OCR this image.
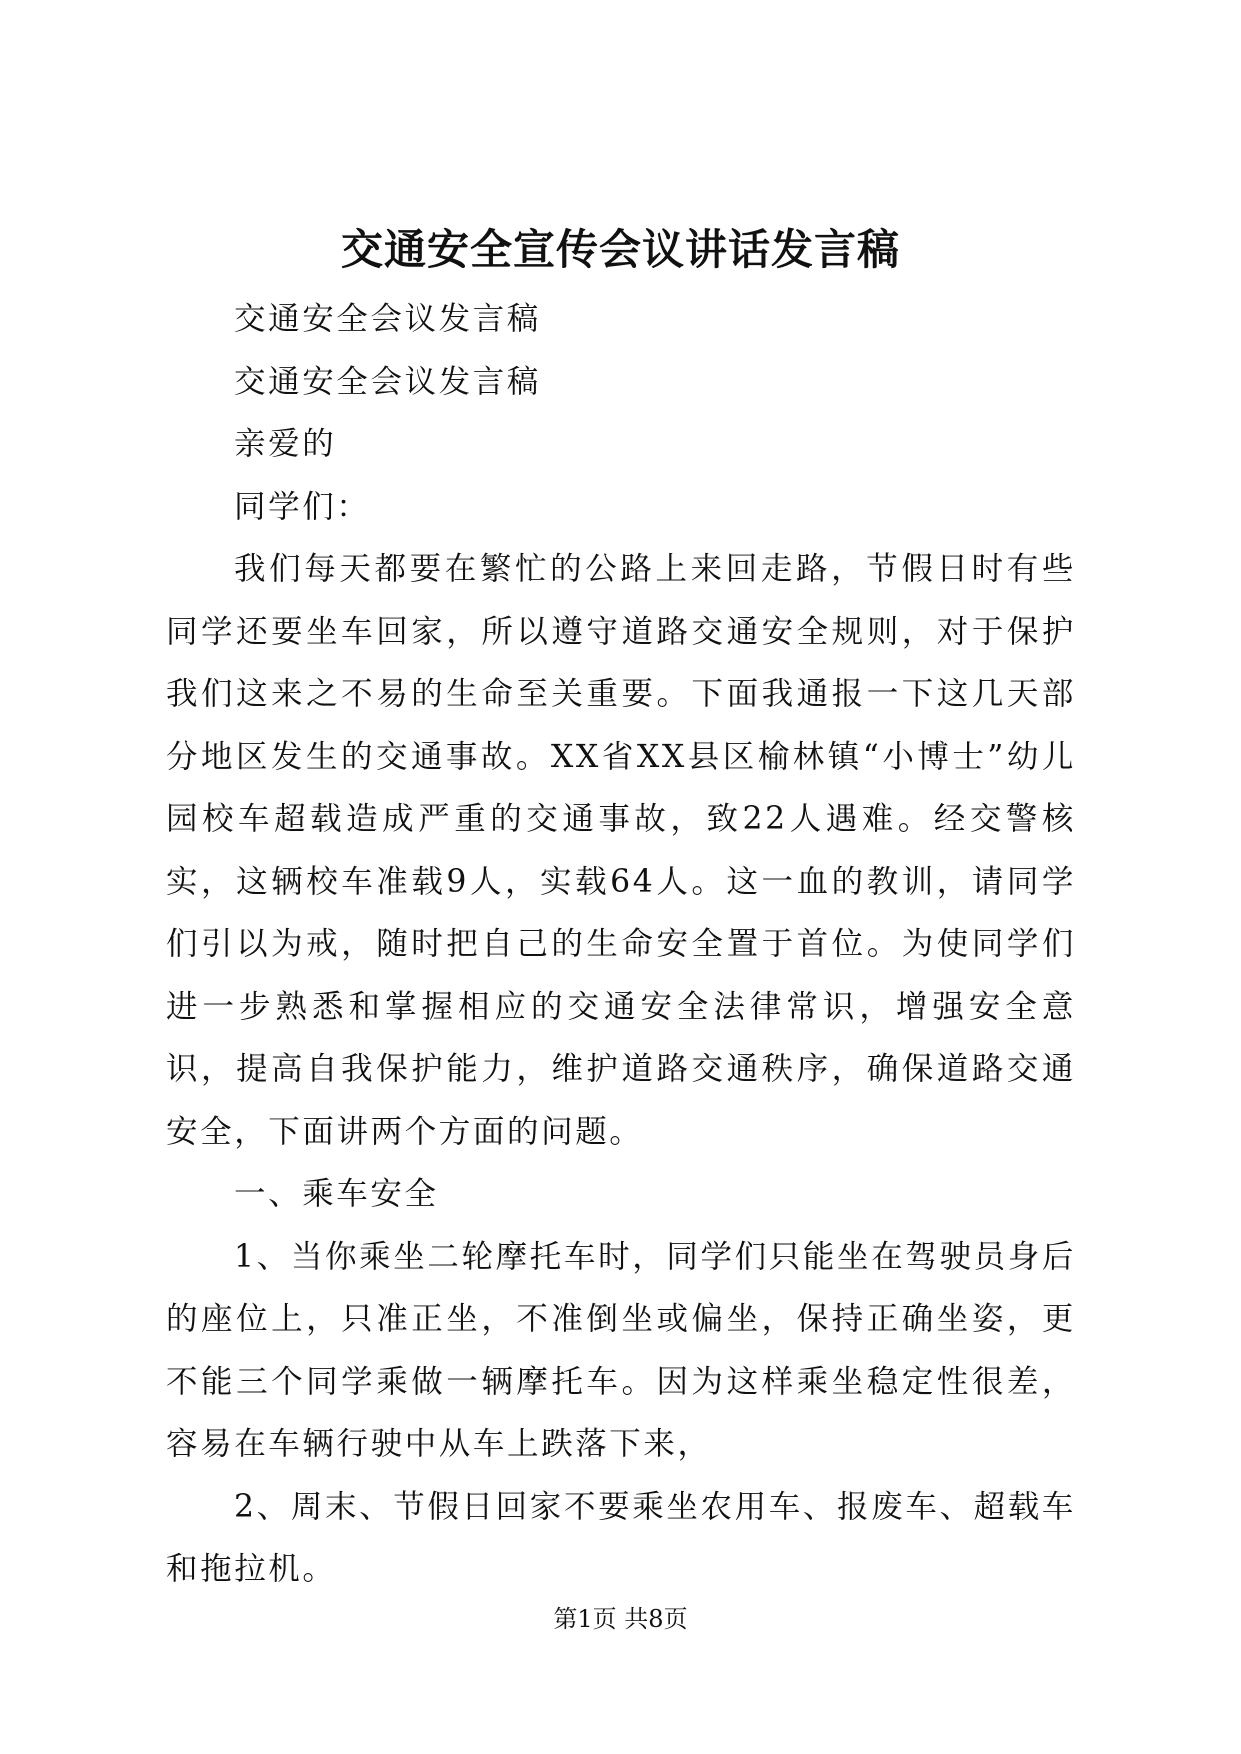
交通安全宣传会议讲话发言稿

交通安全会议发言稿

交通安全会议发言稿

亲爱的

同学们：

我们每天都要在繁忙的公路上来回走路，节假日时有些同学还要坐车回家，所以遵守道路交通安全规则，对于保护我们这来之不易的生命至关重要。下面我通报一下这几天部分地区发生的交通事故。XX省XX县区榆林镇“小博士”幼儿园校车超载造成严重的交通事故，致22人遇难。经交警核实，这辆校车准载9人，实载64人。这一血的教训，请同学们引以为戒，随时把自己的生命安全置于首位。为使同学们进一步熟悉和掌握相应的交通安全法律常识，增强安全意识，提高自我保护能力，维护道路交通秩序，确保道路交通安全，下面讲两个方面的问题。

一、乘车安全

1、当你乘坐二轮摩托车时，同学们只能坐在驾驶员身后的座位上，只准正坐，不准倒坐或偏坐，保持正确坐姿，更不能三个同学乘做一辆摩托车。因为这样乘坐稳定性很差，容易在车辆行驶中从车上跌落下来，

2、周末、节假日回家不要乘坐农用车、报废车、超载车和拖拉机。

第1页 共8页
